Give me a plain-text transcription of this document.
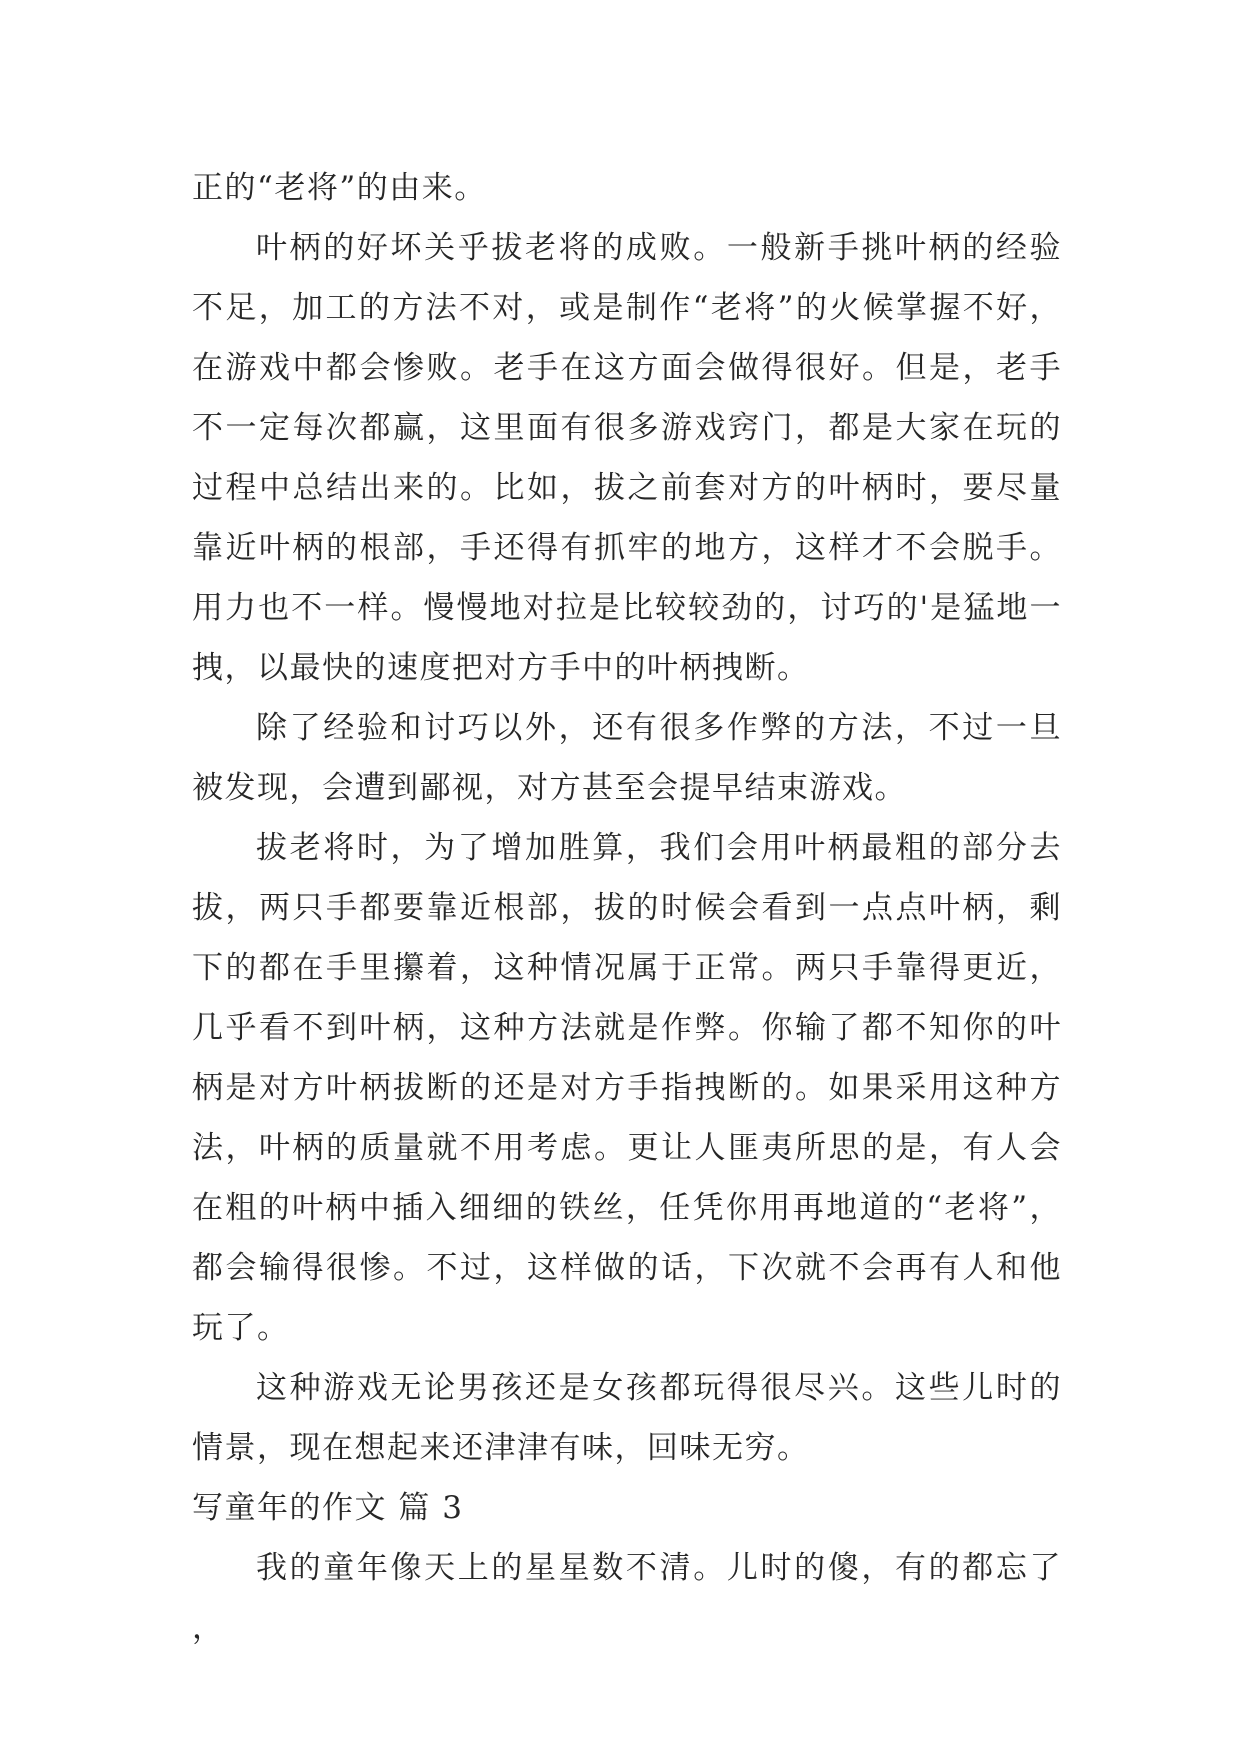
正的“老将”的由来。

叶柄的好坏关乎拔老将的成败。一般新手挑叶柄的经验不足，加工的方法不对，或是制作“老将”的火候掌握不好，在游戏中都会惨败。老手在这方面会做得很好。但是，老手不一定每次都赢，这里面有很多游戏窍门，都是大家在玩的过程中总结出来的。比如，拔之前套对方的叶柄时，要尽量靠近叶柄的根部，手还得有抓牢的地方，这样才不会脱手。用力也不一样。慢慢地对拉是比较较劲的，讨巧的'是猛地一拽，以最快的速度把对方手中的叶柄拽断。

除了经验和讨巧以外，还有很多作弊的方法，不过一旦被发现，会遭到鄙视，对方甚至会提早结束游戏。

拔老将时，为了增加胜算，我们会用叶柄最粗的部分去拔，两只手都要靠近根部，拔的时候会看到一点点叶柄，剩下的都在手里攥着，这种情况属于正常。两只手靠得更近，几乎看不到叶柄，这种方法就是作弊。你输了都不知你的叶柄是对方叶柄拔断的还是对方手指拽断的。如果采用这种方法，叶柄的质量就不用考虑。更让人匪夷所思的是，有人会在粗的叶柄中插入细细的铁丝，任凭你用再地道的“老将”，都会输得很惨。不过，这样做的话，下次就不会再有人和他玩了。

这种游戏无论男孩还是女孩都玩得很尽兴。这些儿时的情景，现在想起来还津津有味，回味无穷。

写童年的作文 篇 3

我的童年像天上的星星数不清。儿时的傻，有的都忘了，
